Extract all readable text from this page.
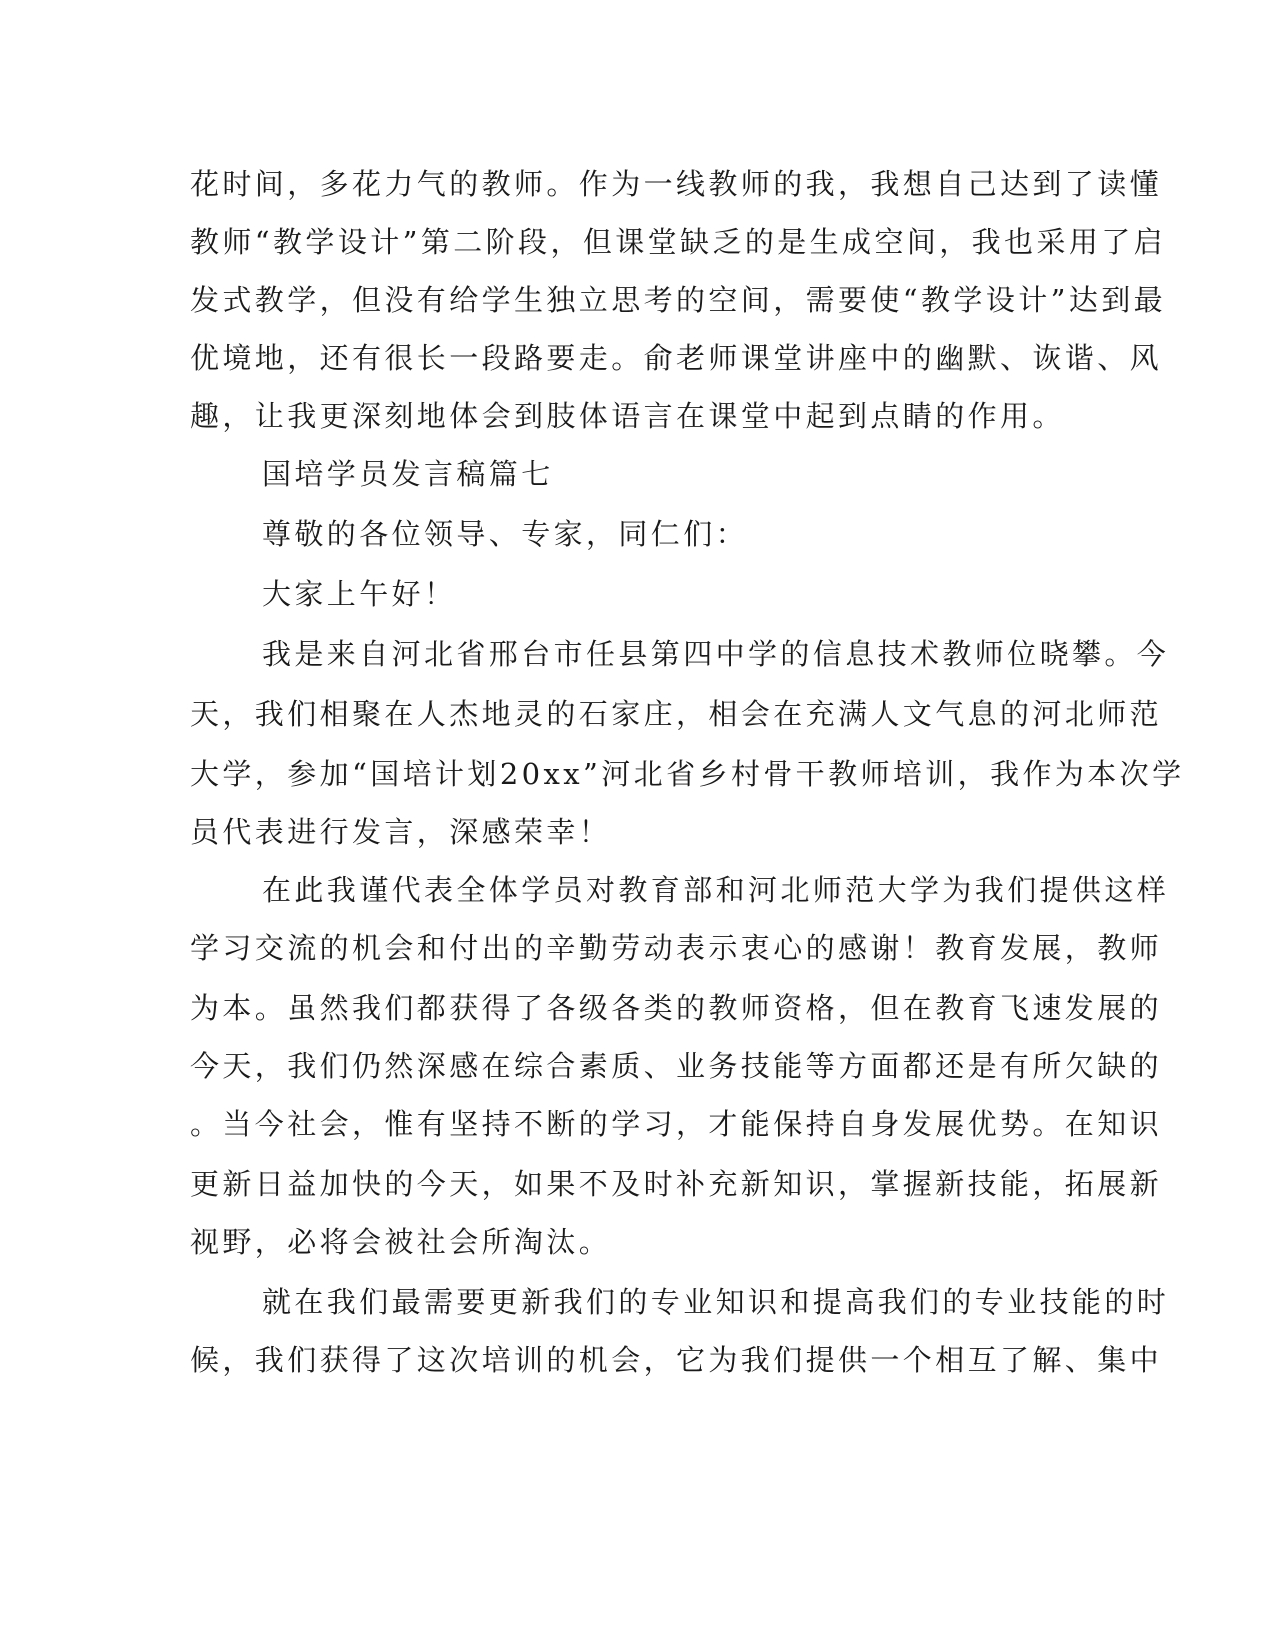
花时间，多花力气的教师。作为一线教师的我，我想自己达到了读懂
教师“教学设计”第二阶段，但课堂缺乏的是生成空间，我也采用了启
发式教学，但没有给学生独立思考的空间，需要使“教学设计”达到最
优境地，还有很长一段路要走。俞老师课堂讲座中的幽默、诙谐、风
趣，让我更深刻地体会到肢体语言在课堂中起到点睛的作用。
国培学员发言稿篇七
尊敬的各位领导、专家，同仁们：
大家上午好！
我是来自河北省邢台市任县第四中学的信息技术教师位晓攀。今
天，我们相聚在人杰地灵的石家庄，相会在充满人文气息的河北师范
大学，参加“国培计划20xx”河北省乡村骨干教师培训，我作为本次学
员代表进行发言，深感荣幸！
在此我谨代表全体学员对教育部和河北师范大学为我们提供这样
学习交流的机会和付出的辛勤劳动表示衷心的感谢！教育发展，教师
为本。虽然我们都获得了各级各类的教师资格，但在教育飞速发展的
今天，我们仍然深感在综合素质、业务技能等方面都还是有所欠缺的
。当今社会，惟有坚持不断的学习，才能保持自身发展优势。在知识
更新日益加快的今天，如果不及时补充新知识，掌握新技能，拓展新
视野，必将会被社会所淘汰。
就在我们最需要更新我们的专业知识和提高我们的专业技能的时
候，我们获得了这次培训的机会，它为我们提供一个相互了解、集中
